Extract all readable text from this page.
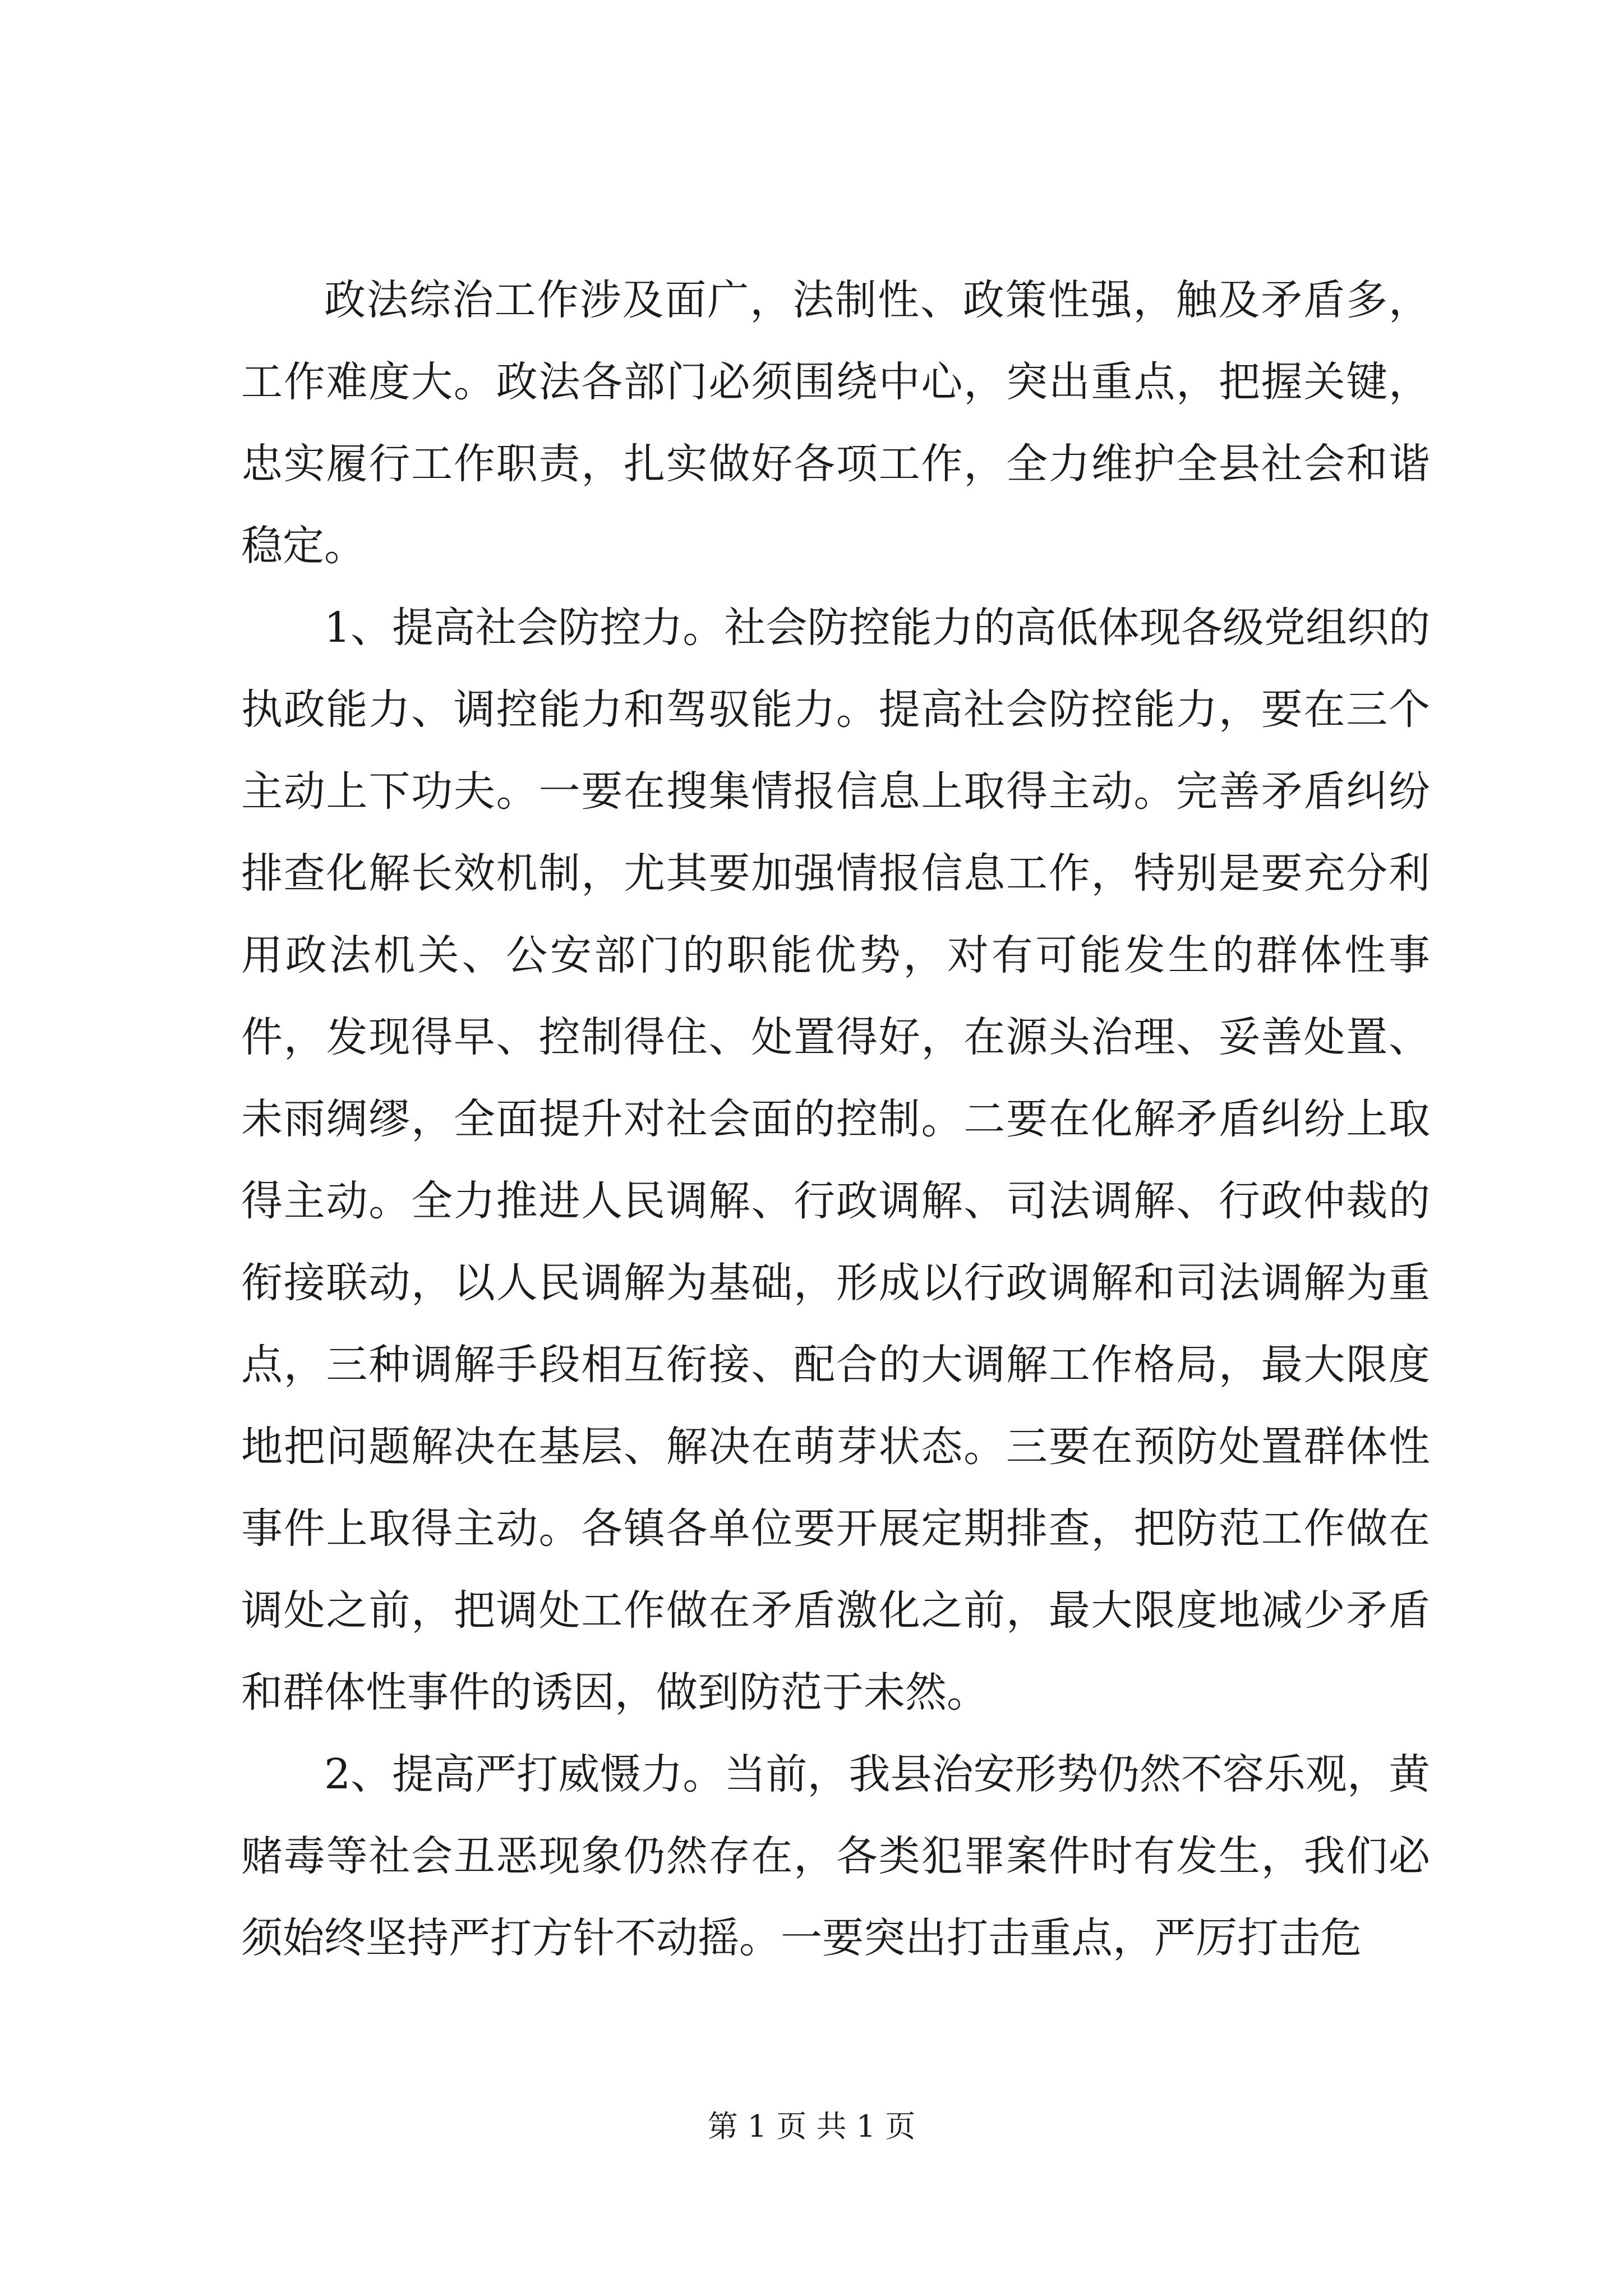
政法综治工作涉及面广，法制性、政策性强，触及矛盾多，工作难度大。政法各部门必须围绕中心，突出重点，把握关键，忠实履行工作职责，扎实做好各项工作，全力维护全县社会和谐稳定。

1、提高社会防控力。社会防控能力的高低体现各级党组织的执政能力、调控能力和驾驭能力。提高社会防控能力，要在三个主动上下功夫。一要在搜集情报信息上取得主动。完善矛盾纠纷排查化解长效机制，尤其要加强情报信息工作，特别是要充分利用政法机关、公安部门的职能优势，对有可能发生的群体性事件，发现得早、控制得住、处置得好，在源头治理、妥善处置、未雨绸缪，全面提升对社会面的控制。二要在化解矛盾纠纷上取得主动。全力推进人民调解、行政调解、司法调解、行政仲裁的衔接联动，以人民调解为基础，形成以行政调解和司法调解为重点，三种调解手段相互衔接、配合的大调解工作格局，最大限度地把问题解决在基层、解决在萌芽状态。三要在预防处置群体性事件上取得主动。各镇各单位要开展定期排查，把防范工作做在调处之前，把调处工作做在矛盾激化之前，最大限度地减少矛盾和群体性事件的诱因，做到防范于未然。

2、提高严打威慑力。当前，我县治安形势仍然不容乐观，黄赌毒等社会丑恶现象仍然存在，各类犯罪案件时有发生，我们必须始终坚持严打方针不动摇。一要突出打击重点，严厉打击危

第 1 页 共 1 页
